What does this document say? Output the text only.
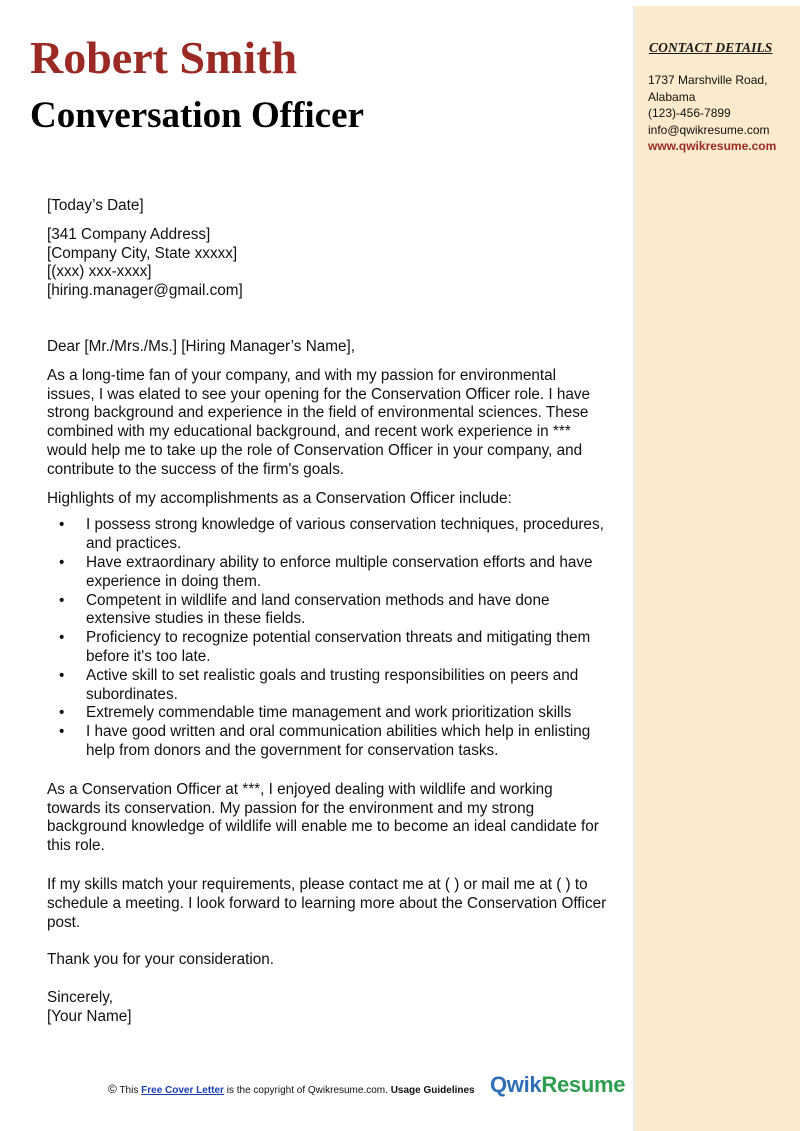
Robert Smith
Conversation Officer
CONTACT DETAILS
1737 Marshville Road,
Alabama
(123)-456-7899
info@qwikresume.com
www.qwikresume.com

[Today’s Date]

[341 Company Address]
[Company City, State xxxxx]
[(xxx) xxx-xxxx]
[hiring.manager@gmail.com]

Dear [Mr./Mrs./Ms.] [Hiring Manager’s Name],

As a long-time fan of your company, and with my passion for environmental issues, I was elated to see your opening for the Conservation Officer role. I have strong background and experience in the field of environmental sciences. These combined with my educational background, and recent work experience in *** would help me to take up the role of Conservation Officer in your company, and contribute to the success of the firm's goals.

Highlights of my accomplishments as a Conservation Officer include:

• I possess strong knowledge of various conservation techniques, procedures, and practices.
• Have extraordinary ability to enforce multiple conservation efforts and have experience in doing them.
• Competent in wildlife and land conservation methods and have done extensive studies in these fields.
• Proficiency to recognize potential conservation threats and mitigating them before it's too late.
• Active skill to set realistic goals and trusting responsibilities on peers and subordinates.
• Extremely commendable time management and work prioritization skills
• I have good written and oral communication abilities which help in enlisting help from donors and the government for conservation tasks.

As a Conservation Officer at ***, I enjoyed dealing with wildlife and working towards its conservation. My passion for the environment and my strong background knowledge of wildlife will enable me to become an ideal candidate for this role.

If my skills match your requirements, please contact me at ( ) or mail me at ( ) to schedule a meeting. I look forward to learning more about the Conservation Officer post.

Thank you for your consideration.

Sincerely,

[Your Name]

© This Free Cover Letter is the copyright of Qwikresume.com. Usage Guidelines QwikResume
